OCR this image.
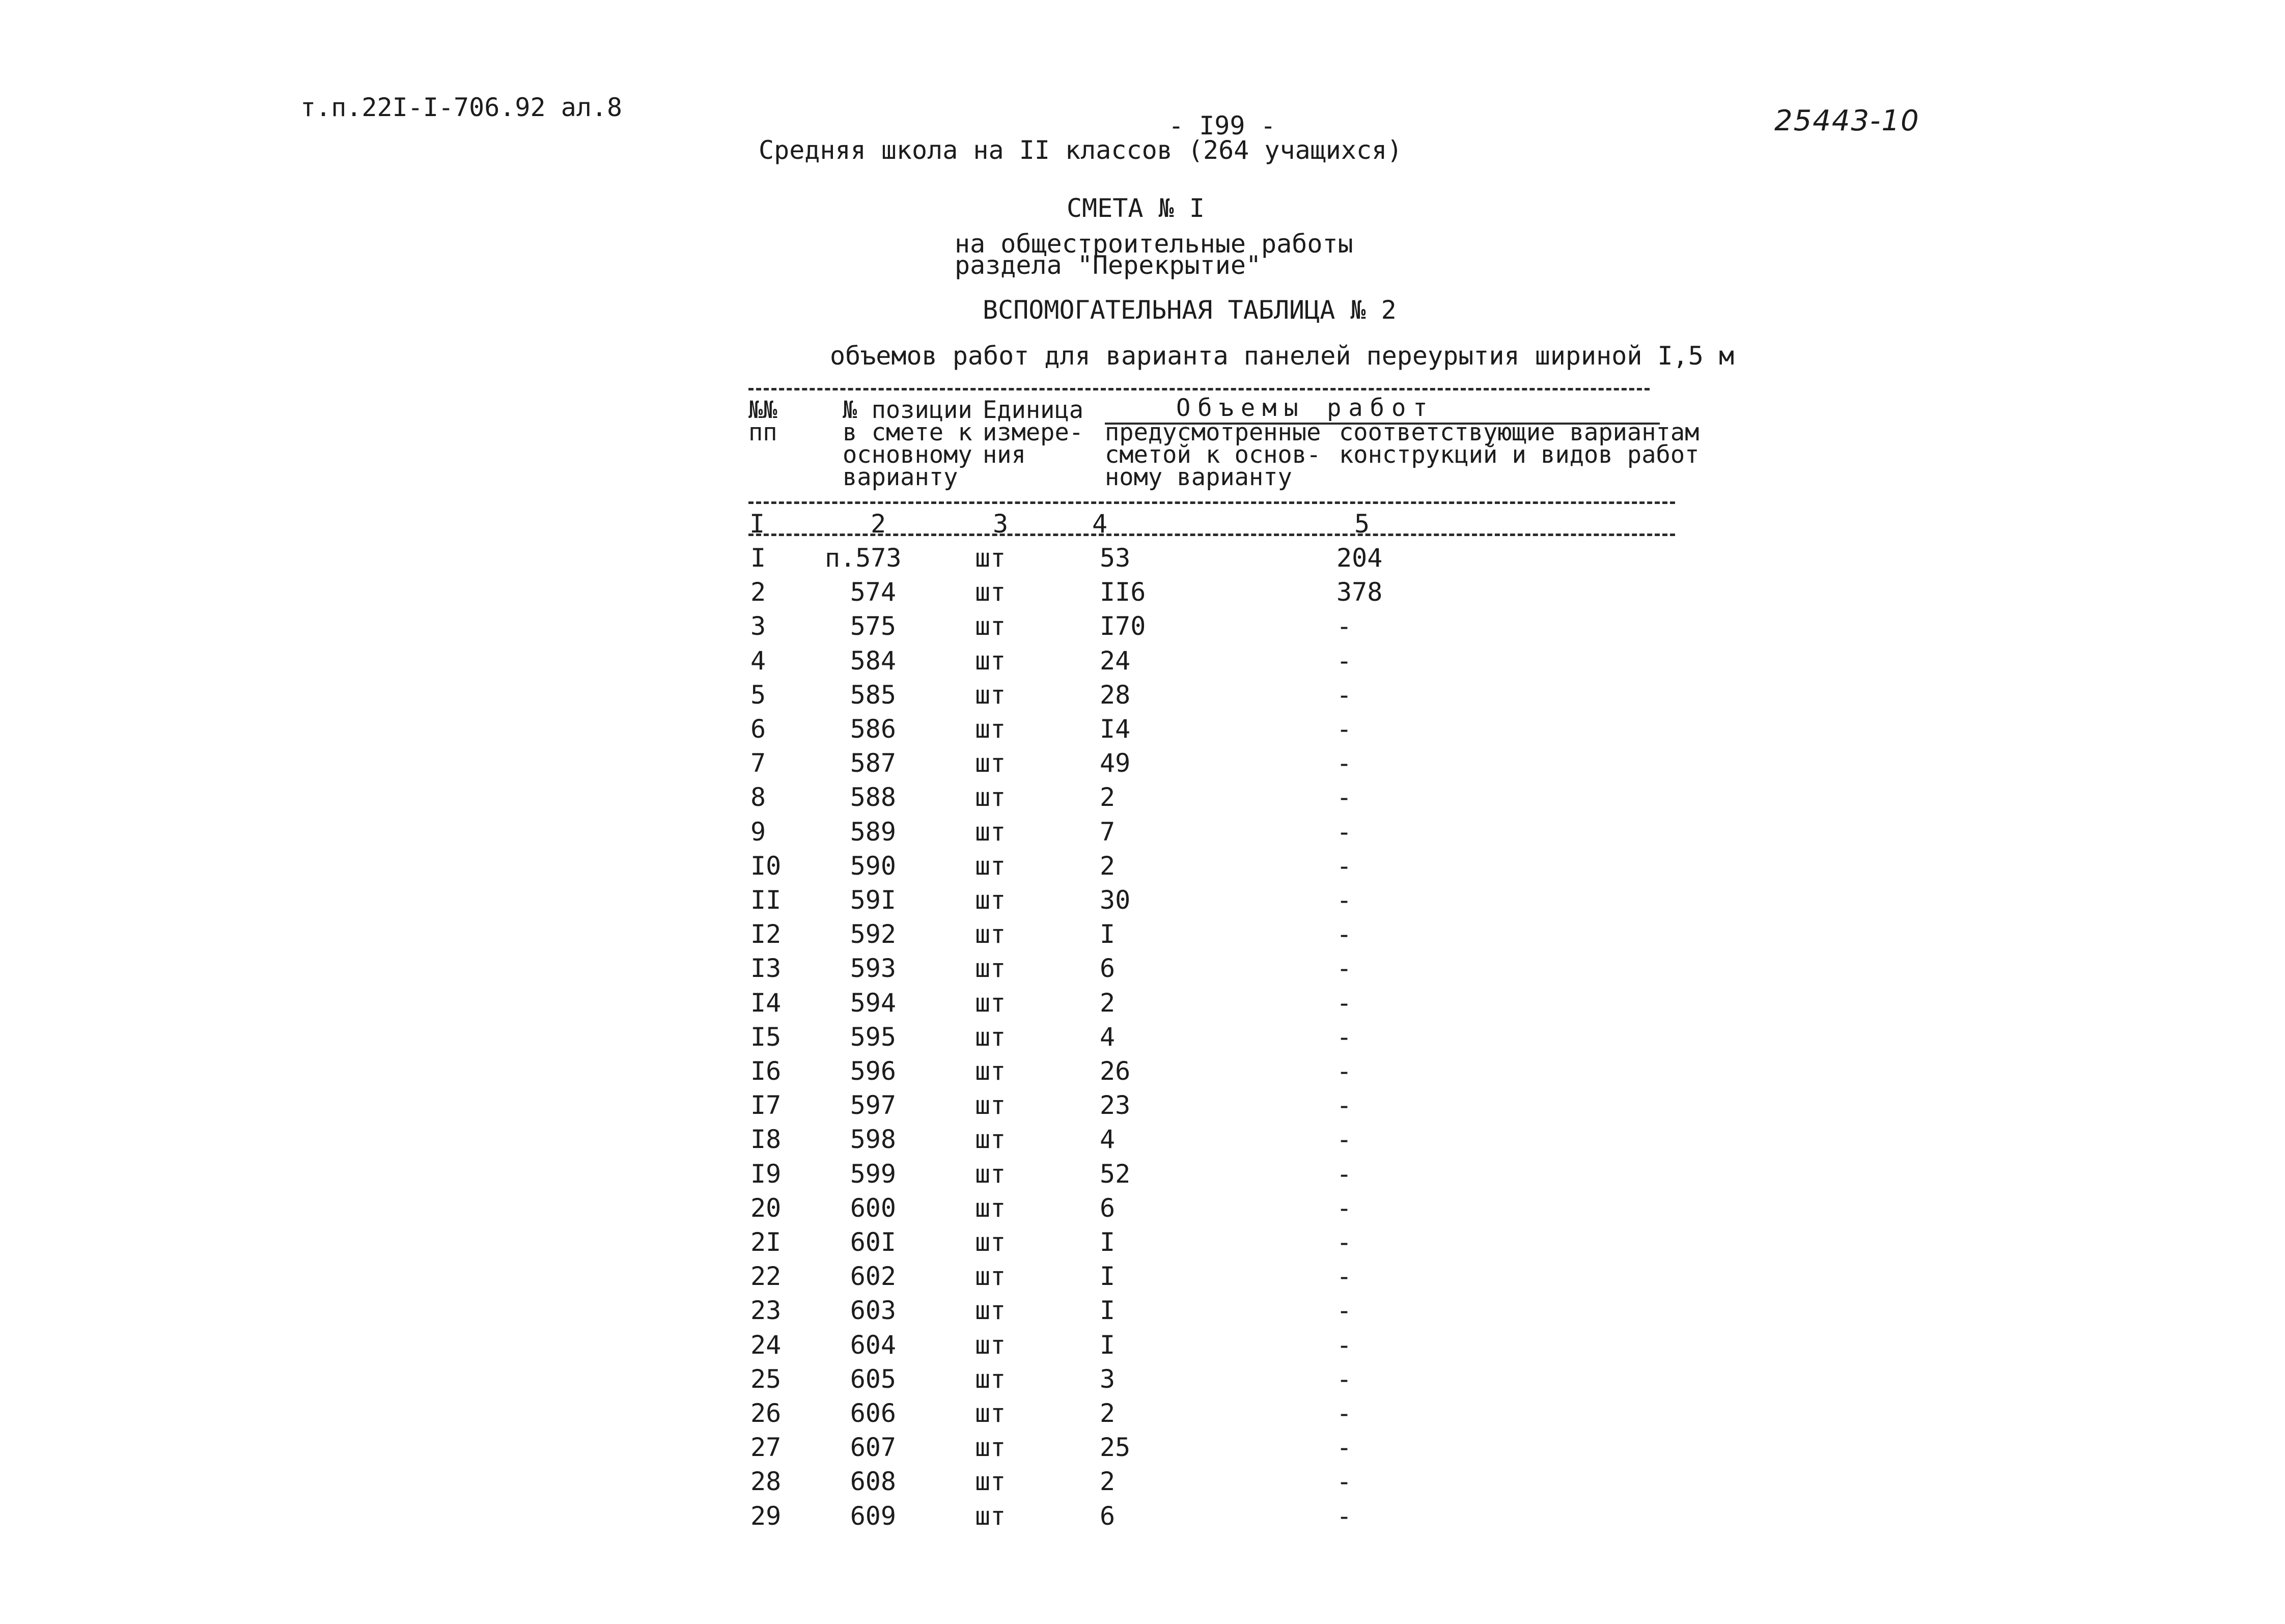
т.п.22I-I-706.92 ал.8	25443-10
- I99 -
Средняя школа на II классов (264 учащихся)
СМЕТА № I
на общестроительные работы
раздела "Перекрытие"
ВСПОМОГАТЕЛЬНАЯ ТАБЛИЦА № 2
объемов работ для варианта панелей переурытия шириной I,5 м
№№
пп
№ позиции
в смете к
основному
варианту
Единица
измере-
ния
Объемы работ
предусмотренные
сметой к основ-
ному варианту
соответствующие вариантам
конструкций и видов работ
I	2	3	4	5
I п.573	шт	53	204
2	574	шт	II6	378
3	575	шт	I70	-
4	584	шт	24	-
5	585	шт	28	-
6	586	шт	I4	-
7	587	шт	49	-
8	588	шт	2	-
9	589	шт	7	-
I0	590	шт	2	-
II	59I	шт	30	-
I2	592	шт	I	-
I3	593	шт	6	-
I4	594	шт	2	-
I5	595	шт	4	-
I6	596	шт	26	-
I7	597	шт	23	-
I8	598	шт	4	-
I9	599	шт	52	-
20	600	шт	6	-
2I	60I	шт	I	-
22	602	шт	I	-
23	603	шт	I	-
24	604	шт	I	-
25	605	шт	3	-
26	606	шт	2	-
27	607	шт	25	-
28	608	шт	2	-
29	609	шт	6	-
